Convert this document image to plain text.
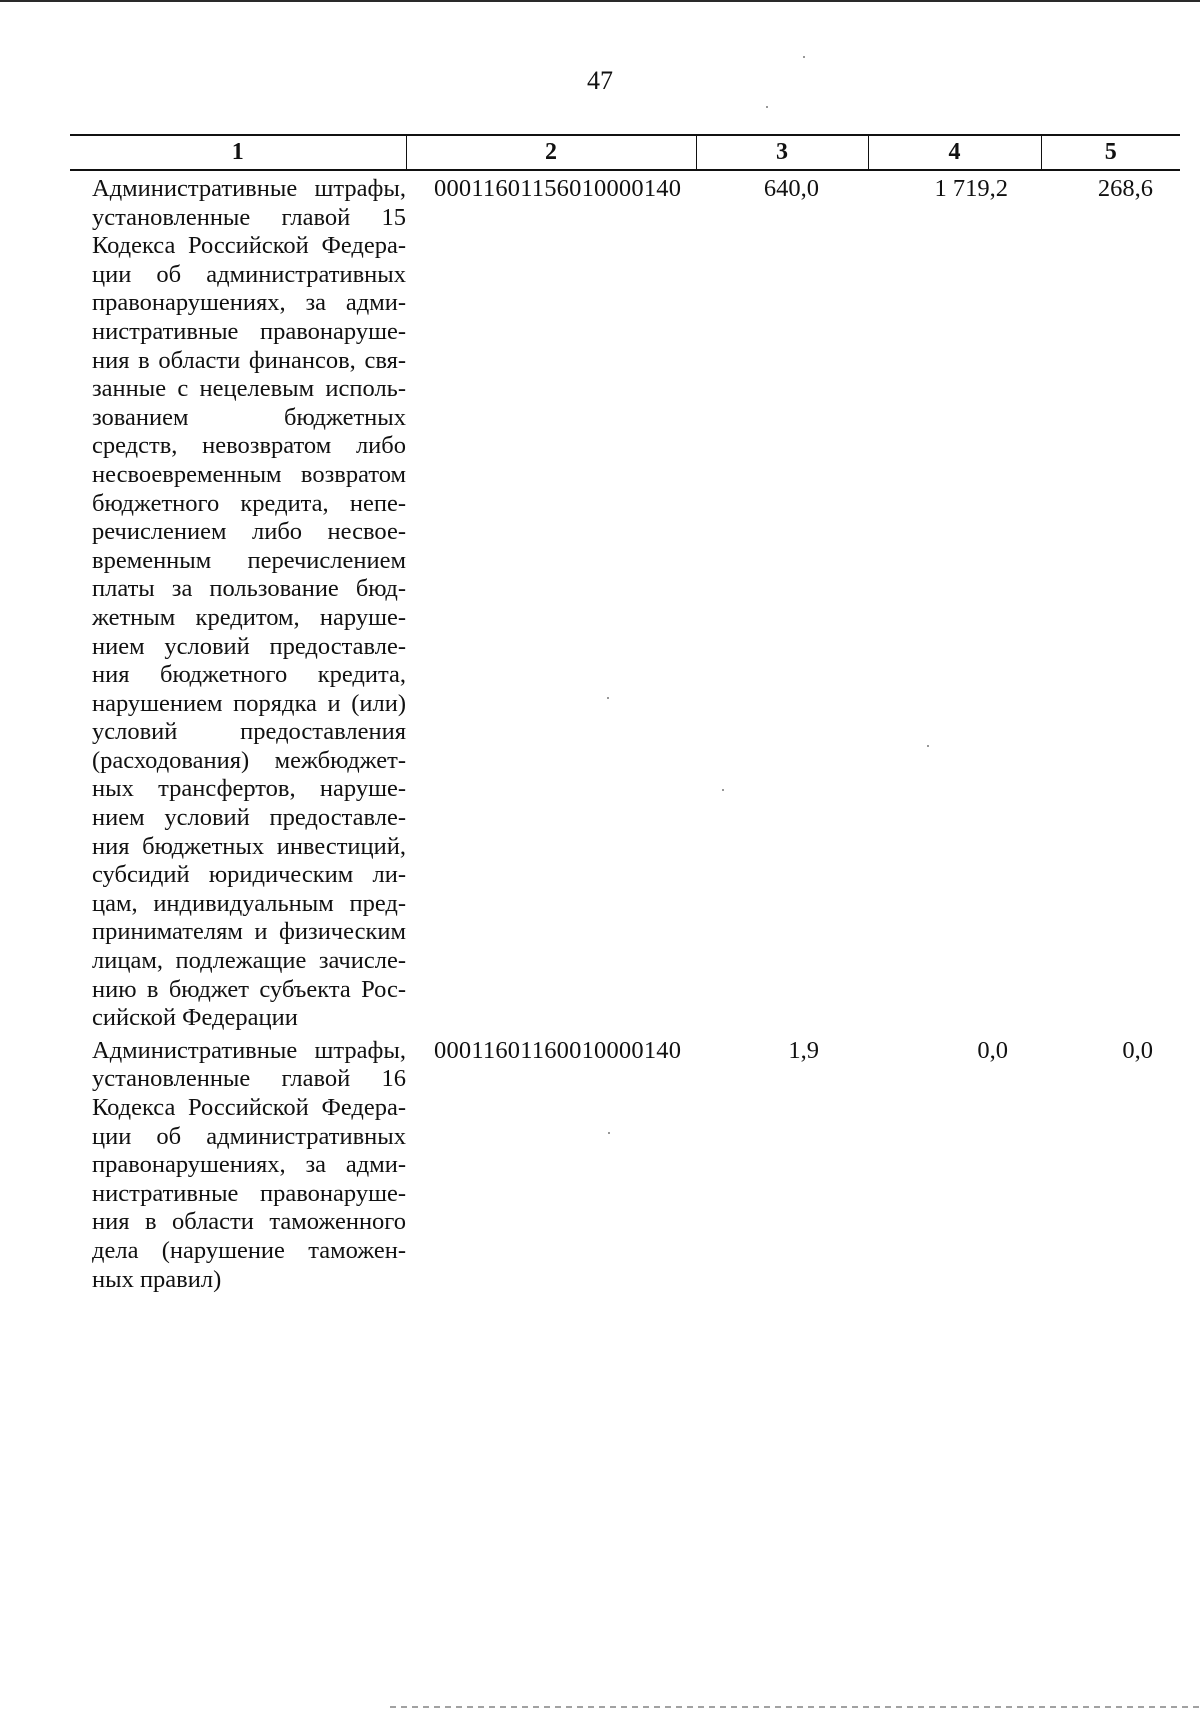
47
1	2	3	4	5
Административные штрафы, установленные главой 15 Кодекса Российской Федера-ции об административных правонарушениях, за адми-нистративные правонаруше-ния в области финансов, свя-занные с нецелевым исполь-зованием бюджетных средств, невозвратом либо несвоевременным возвратом бюджетного кредита, непе-речислением либо несвое-временным перечислением платы за пользование бюд-жетным кредитом, наруше-нием условий предоставле-ния бюджетного кредита, нарушением порядка и (или) условий предоставления (расходования) межбюджет-ных трансфертов, наруше-нием условий предоставле-ния бюджетных инвестиций, субсидий юридическим ли-цам, индивидуальным пред-принимателям и физическим лицам, подлежащие зачисле-нию в бюджет субъекта Рос-сийской Федерации	00011601156010000140	640,0	1 719,2	268,6
Административные штрафы, установленные главой 16 Кодекса Российской Федера-ции об административных правонарушениях, за адми-нистративные правонаруше-ния в области таможенного дела (нарушение таможен-ных правил)	00011601160010000140	1,9	0,0	0,0
